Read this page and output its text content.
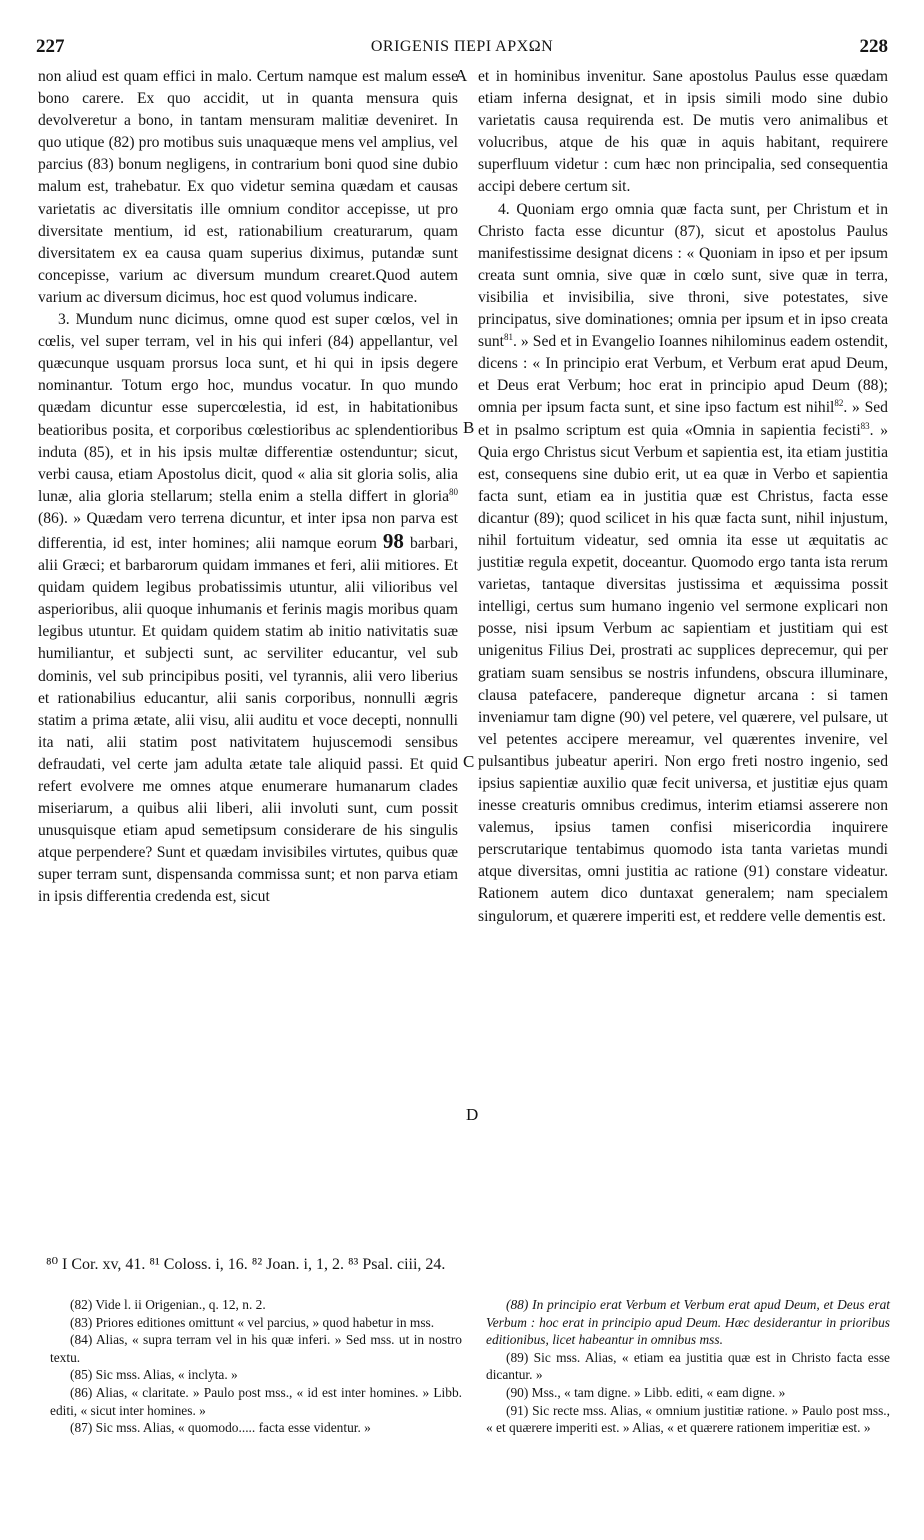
227	ORIGENIS ΠΕΡΙ ΑΡΧΩΝ	228

non aliud est quam effici in malo. Certum namque est malum esse bono carere. Ex quo accidit, ut in quanta mensura quis devolveretur a bono, in tantam mensuram malitiæ deveniret. In quo utique (82) pro motibus suis unaquæque mens vel amplius, vel parcius (83) bonum negligens, in contrarium boni quod sine dubio malum est, trahebatur. Ex quo videtur semina quædam et causas varietatis ac diversitatis ille omnium conditor accepisse, ut pro diversitate mentium, id est, rationabilium creaturarum, quam diversitatem ex ea causa quam superius diximus, putandæ sunt concepisse, varium ac diversum mundum crearet.Quod autem varium ac diversum dicimus, hoc est quod volumus indicare.

3. Mundum nunc dicimus, omne quod est super cœlos, vel in cœlis, vel super terram, vel in his qui inferi (84) appellantur, vel quæcunque usquam prorsus loca sunt, et hi qui in ipsis degere nominantur. Totum ergo hoc, mundus vocatur. In quo mundo quædam dicuntur esse supercœlestia, id est, in habitationibus beatioribus posita, et corporibus cœlestioribus ac splendentioribus induta (85), et in his ipsis multæ differentiæ ostenduntur; sicut, verbi causa, etiam Apostolus dicit, quod « alia sit gloria solis, alia lunæ, alia gloria stellarum; stella enim a stella differt in gloria$^{80}$ (86). » Quædam vero terrena dicuntur, et inter ipsa non parva est differentia, id est, inter homines; alii namque eorum 98 barbari, alii Græci; et barbarorum quidam immanes et feri, alii mitiores. Et quidam quidem legibus probatissimis utuntur, alii vilioribus vel asperioribus, alii quoque inhumanis et ferinis magis moribus quam legibus utuntur. Et quidam quidem statim ab initio nativitatis suæ humiliantur, et subjecti sunt, ac serviliter educantur, vel sub dominis, vel sub principibus positi, vel tyrannis, alii vero liberius et rationabilius educantur, alii sanis corporibus, nonnulli ægris statim a prima ætate, alii visu, alii auditu et voce decepti, nonnulli ita nati, alii statim post nativitatem hujuscemodi sensibus defraudati, vel certe jam adulta ætate tale aliquid passi. Et quid refert evolvere me omnes atque enumerare humanarum clades miseriarum, a quibus alii liberi, alii involuti sunt, cum possit unusquisque etiam apud semetipsum considerare de his singulis atque perpendere? Sunt et quædam invisibiles virtutes, quibus quæ super terram sunt, dispensanda commissa sunt; et non parva etiam in ipsis differentia credenda est, sicut

A
B
C
D

et in hominibus invenitur. Sane apostolus Paulus esse quædam etiam inferna designat, et in ipsis simili modo sine dubio varietatis causa requirenda est. De mutis vero animalibus et volucribus, atque de his quæ in aquis habitant, requirere superfluum videtur : cum hæc non principalia, sed consequentia accipi debere certum sit.

4. Quoniam ergo omnia quæ facta sunt, per Christum et in Christo facta esse dicuntur (87), sicut et apostolus Paulus manifestissime designat dicens : « Quoniam in ipso et per ipsum creata sunt omnia, sive quæ in cœlo sunt, sive quæ in terra, visibilia et invisibilia, sive throni, sive potestates, sive principatus, sive dominationes; omnia per ipsum et in ipso creata sunt$^{81}$. » Sed et in Evangelio Ioannes nihilominus eadem ostendit, dicens : « In principio erat Verbum, et Verbum erat apud Deum, et Deus erat Verbum; hoc erat in principio apud Deum (88); omnia per ipsum facta sunt, et sine ipso factum est nihil$^{82}$. » Sed et in psalmo scriptum est quia «Omnia in sapientia fecisti$^{83}$. » Quia ergo Christus sicut Verbum et sapientia est, ita etiam justitia est, consequens sine dubio erit, ut ea quæ in Verbo et sapientia facta sunt, etiam ea in justitia quæ est Christus, facta esse dicantur (89); quod scilicet in his quæ facta sunt, nihil injustum, nihil fortuitum videatur, sed omnia ita esse ut æquitatis ac justitiæ regula expetit, doceantur. Quomodo ergo tanta ista rerum varietas, tantaque diversitas justissima et æquissima possit intelligi, certus sum humano ingenio vel sermone explicari non posse, nisi ipsum Verbum ac sapientiam et justitiam qui est unigenitus Filius Dei, prostrati ac supplices deprecemur, qui per gratiam suam sensibus se nostris infundens, obscura illuminare, clausa patefacere, pandereque dignetur arcana : si tamen inveniamur tam digne (90) vel petere, vel quærere, vel pulsare, ut vel petentes accipere mereamur, vel quærentes invenire, vel pulsantibus jubeatur aperiri. Non ergo freti nostro ingenio, sed ipsius sapientiæ auxilio quæ fecit universa, et justitiæ ejus quam inesse creaturis omnibus credimus, interim etiamsi asserere non valemus, ipsius tamen confisi misericordia inquirere perscrutarique tentabimus quomodo ista tanta varietas mundi atque diversitas, omni justitia ac ratione (91) constare videatur. Rationem autem dico duntaxat generalem; nam specialem singulorum, et quærere imperiti est, et reddere velle dementis est.

⁸⁰ I Cor. xv, 41. ⁸¹ Coloss. i, 16. ⁸² Joan. i, 1, 2. ⁸³ Psal. ciii, 24.

(82) Vide l. ii Origenian., q. 12, n. 2.

(83) Priores editiones omittunt « vel parcius, » quod habetur in mss.

(84) Alias, « supra terram vel in his quæ inferi. » Sed mss. ut in nostro textu.

(85) Sic mss. Alias, « inclyta. »

(86) Alias, « claritate. » Paulo post mss., « id est inter homines. » Libb. editi, « sicut inter homines. »

(87) Sic mss. Alias, « quomodo..... facta esse videntur. »

(88) In principio erat Verbum et Verbum erat apud Deum, et Deus erat Verbum : hoc erat in principio apud Deum. Hæc desiderantur in prioribus editionibus, licet habeantur in omnibus mss.

(89) Sic mss. Alias, « etiam ea justitia quæ est in Christo facta esse dicantur. »

(90) Mss., « tam digne. » Libb. editi, « eam digne. »

(91) Sic recte mss. Alias, « omnium justitiæ ratione. » Paulo post mss., « et quærere imperiti est. » Alias, « et quærere rationem imperitiæ est. »
